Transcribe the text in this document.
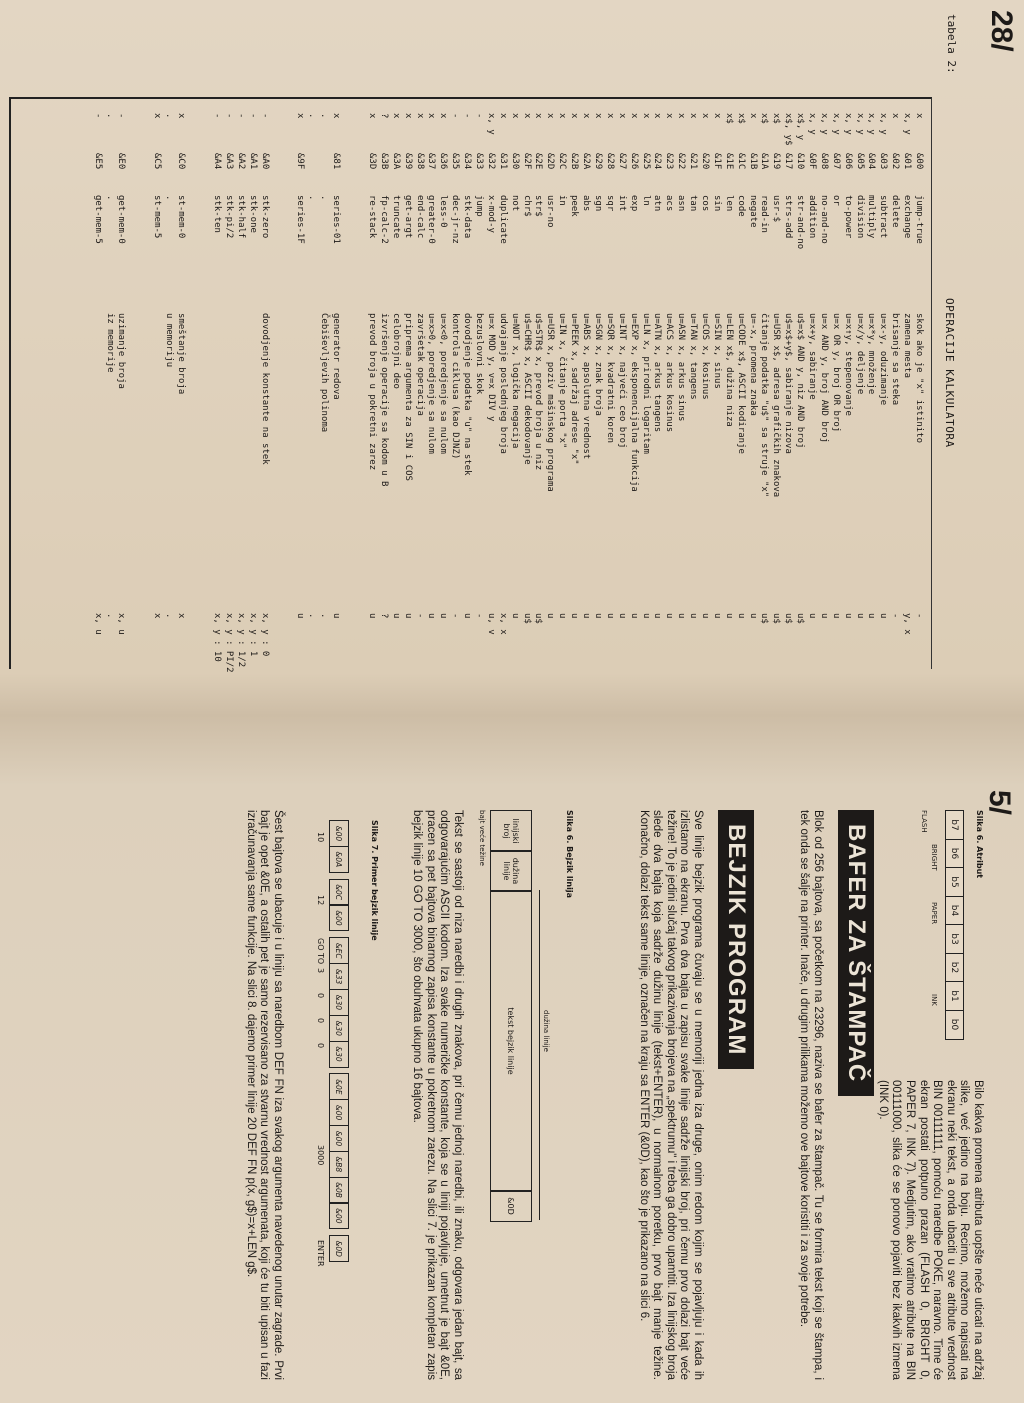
28/
tabela 2:
OPERACIJE KALKULATORA
x
&00
jump-true
skok ako je "x" istinito
-
x, y
&01
exchange
zamena mesta
y, x
x
&02
delete
brisanje sa steka
-
x, y
&03
subtract
u=x-y, oduzimanje
u
x, y
&04
multiply
u=x*y, množenje
u
x, y
&05
division
u=x/y, deljenje
u
x, y
&06
to-power
u=x↑y, stepenovanje
u
x, y
&07
or
u=x OR y, broj OR broj
u
x, y
&08
no-and-no
u=x AND y, broj AND broj
u
x, y
&0F
addition
u=x+y, sabiranje
u
x$, y
&10
str-and-no
u$=x$ AND y, niz AND broj
u$
x$, y$
&17
strs-add
u$=x$+y$, sabiranje nizova
u$
x$
&19
usr-$
u=USR x$, adresa grafičkih znakova
u$
x$
&1A
read-in
čitanje podatka "u$" sa struje "x"
u$
x
&1B
negate
u=-x, promena znaka
u
x$
&1C
code
u=CODE x$, ASCII kodiranje
u
x$
&1E
len
u=LEN x$, dužina niza
u
x
&1F
sin
u=SIN x, sinus
u
x
&20
cos
u=COS x, kosinus
u
x
&21
tan
u=TAN x, tangens
u
x
&22
asn
u=ASN x, arkus sinus
u
x
&23
acs
u=ACS x, arkus kosinus
u
x
&24
atn
u=ATN x, arkus tangens
u
x
&25
ln
u=LN x, prirodni logaritam
u
x
&26
exp
u=EXP x, eksponencijalna funkcija
u
x
&27
int
u=INT x, najveći ceo broj
u
x
&28
sqr
u=SQR x, kvadratni koren
u
x
&29
sgn
u=SGN x, znak broja
u
x
&2A
abs
u=ABS x, apsolutna vrednost
u
x
&2B
peek
u=PEEK x, sadržaj adrese "x"
u
x
&2C
in
u=IN x, čitanje porta "x"
u
x
&2D
usr-no
u=USR x, poziv mašinskog programa
u
x
&2E
str$
u$=STR$ x, prevod broja u niz
u$
x
&2F
chr$
u$=CHR$ x, ASCII dekodovanje
u$
x
&30
not
u=NOT x, logička negacija
u
x
&31
duplicate
udvajanje poslednjeg broja
x, x
x, y
&32
x-mod-y
u=x MOD y, v=x DIV y
u, v
-
&33
jump
bezuslovni skok
-
-
&34
stk-data
dovodjenje podatka "u" na stek
u
-
&35
dec-jr-nz
kontrola ciklusa (kao DJNZ)
-
x
&36
less-0
u=x<0, poredjenje sa nulom
u
x
&37
greater-0
u=x>0, poredjenje sa nulom
u
x
&38
end-calc
završetak operacija
-
x
&39
get-argt
priprema argumenta za SIN i COS
u
x
&3A
truncate
celobrojni deo
u
?
&3B
fp-calc-2
izvršenje operacije sa kodom u B
?
x
&3D
re-stack
prevod broja u pokretni zarez
u
x
&81
series-01
generator redova
u
.
.
Čebiševljevih polinoma
.
.
.
.
x
&9F
series-1F
u
-
&A0
stk-zero
dovodjenje konstante na stek
x, y : 0
-
&A1
stk-one
x, y : 1
-
&A2
stk-half
x, y : 1/2
-
&A3
stk-pi/2
x, y : PI/2
-
&A4
stk-ten
x, y : 10
x
&C0
st-mem-0
smeštanje broja
x
.
.
u memoriju
.
x
&C5
st-mem-5
x
-
&E0
get-mem-0
uzimanje broja
x, u
.
.
iz memorije
.
-
&E5
get-mem-5
x, u
5/
Slika 6. Atribut
b7
b6
b5
b4
b3
b2
b1
b0
FLASH
BRIGHT
PAPER
INK
Bilo kakva promena atributa uopšte neće uticati na adržaj slike, već jedino na boju. Recimo, možemo napisati na ekranu neki tekst, a onda ubaciti u sve atribute vrednost BIN 00111111, pomoću naredbe POKE, naravno. Time će ekran postati potpuno prazan (FLASH 0, BRIGHT 0, PAPER 7, INK 7). Medjutim, ako vratimo atribute na BIN 00111000, slika će se ponovo pojaviti bez ikakvih izmena (INK 0).
BAFER ZA ŠTAMPAČ
Blok od 256 bajtova, sa početkom na 23296, naziva se bafer za štampač. Tu se formira tekst koji se štampa, i tek onda se šalje na printer. Inače, u drugim prilikama možemo ove bajtove koristiti i za svoje potrebe.
BEJZIK PROGRAM
Sve linije bejzik programa čuvaju se u memoriji jedna iza druge, onim redom kojim se pojavljuju i kada ih izlistamo na ekranu. Prva dva bajta u zapisu svake linije sadrže linijski broj, pri čemu prvo dolazi bajt veće težine! To je jedini slučaj takvog prikazivanja brojeva na „spektrumu" i treba ga dobro upamtiti. Iza linijskog broja slede dva bajta koja sadrže dužinu linije (tekst+ENTER), u normalnom poretku, prvo bajt manje težine. Konačno, dolazi tekst same linije, označen na kraju sa ENTER (&0D), kao što je prikazano na slici 6.
Slika 6. Bejzik linija
linijski broj
dužina linije
tekst bejzik linije
&0D
dužina linije
bajt veće težine
Tekst se sastoji od niza naredbi i drugih znakova, pri čemu jednoj naredbi, ili znaku, odgovara jedan bajt, sa odgovarajućim ASCII kodom. Iza svake numeričke konstante, koja se u liniji pojavljuje, umetnut je bajt &0E, pracen sa pet bajtova binarnog zapisa konstante u pokretnom zarezu. Na slici 7. je prikazan kompletan zapis bejzik linije 10 GO TO 3000, što obuhvata ukupno 16 bajtova.
Slika 7. Primer bejzik linije
&00
&0A
&0C
&00
&EC
&33
&30
&30
&30
&0E
&00
&00
&B8
&0B
&00
&0D
10
12
GO TO
3
0
0
0
3000
ENTER
Šest bajtova se ubacuje i u liniju sa naredbom DEF FN iza svakog argumenta navedenog unutar zagrade. Prvi bajt je opet &0E, a ostalih pet je samo rezervisano za stvarnu vrednost argumenata, koji će tu biti upisan u fazi izračunavanja same funkcije. Na slici 8. dajemo primer linije 20 DEF FN p(x, g$)=x+LEN g$.
